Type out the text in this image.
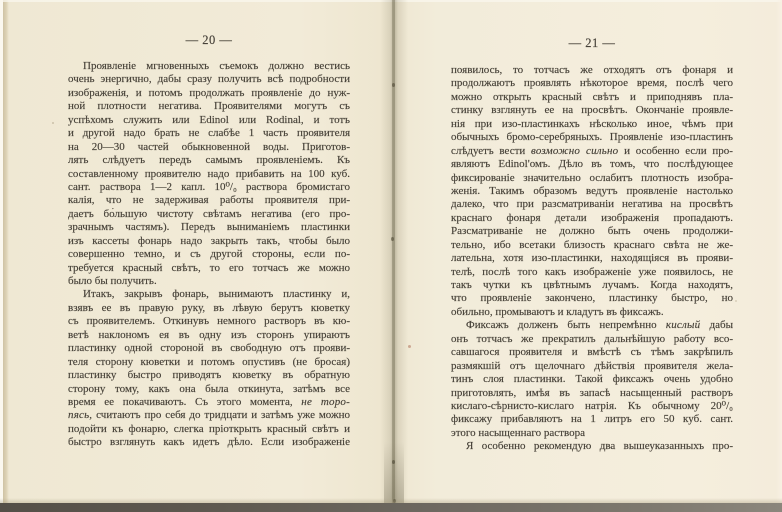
— 20 —
Проявленіе мгновенныхъ съемокъ должно вестись
очень энергично, дабы сразу получить всѣ подробности
изображенія, и потомъ продолжать проявленіе до нуж-
ной плотности негатива. Проявителями могутъ съ
успѣхомъ служить или Edinol или Rodinal, и тотъ
и другой надо брать не слабѣе 1 часть проявителя
на 20—30 частей обыкновенной воды. Приготов-
лять слѣдуетъ передъ самымъ проявленіемъ. Къ
составленному проявителю надо прибавить на 100 куб.
сант. раствора 1—2 капл. 10⁰/₀ раствора бромистаго
калія, что не задерживая работы проявителя при-
даетъ бо́льшую чистоту свѣтамъ негатива (его про-
зрачнымъ частямъ). Передъ выниманіемъ пластинки
изъ кассеты фонарь надо закрыть такъ, чтобы было
совершенно темно, и съ другой стороны, если по-
требуется красный свѣтъ, то его тотчасъ же можно
было бы получить.
Итакъ, закрывъ фонарь, вынимаютъ пластинку и,
взявъ ее въ правую руку, въ лѣвую берутъ кюветку
съ проявителемъ. Откинувъ немного растворъ въ кю-
ветѣ наклономъ ея въ одну изъ сторонъ упираютъ
пластинку одной стороной въ свободную отъ прояви-
теля сторону кюветки и потомъ опустивъ (не бросая)
пластинку быстро приводятъ кюветку въ обратную
сторону тому, какъ она была откинута, затѣмъ все
время ее покачиваютъ. Съ этого момента, не торо-
пясь, считаютъ про себя до тридцати и затѣмъ уже можно
подойти къ фонарю, слегка пріоткрыть красный свѣтъ и
быстро взглянуть какъ идетъ дѣло. Если изображеніе
— 21 —
появилось, то тотчасъ же отходятъ отъ фонаря и
продолжаютъ проявлять нѣкоторое время, послѣ чего
можно открыть красный свѣтъ и приподнявъ пла-
стинку взглянуть ее на просвѣтъ. Окончаніе проявле-
нія при изо-пластинкахъ нѣсколько иное, чѣмъ при
обычныхъ бромо-серебряныхъ. Проявленіе изо-пластинъ
слѣдуетъ вести возможно сильно и особенно если про-
являютъ Edinol'омъ. Дѣло въ томъ, что послѣдующее
фиксированіе значительно ослабитъ плотность изобра-
женія. Такимъ образомъ ведутъ проявленіе настолько
далеко, что при разсматриваніи негатива на просвѣтъ
краснаго фонаря детали изображенія пропадаютъ.
Разсматриваніе не должно быть очень продолжи-
тельно, ибо всетаки близость краснаго свѣта не же-
лательна, хотя изо-пластинки, находящіяся въ прояви-
телѣ, послѣ того какъ изображеніе уже появилось, не
такъ чутки къ цвѣтнымъ лучамъ. Когда находятъ,
что проявленіе закончено, пластинку быстро, но
обильно, промываютъ и кладутъ въ фиксажъ.
Фиксажъ долженъ быть непремѣнно кислый дабы
онъ тотчасъ же прекратилъ дальнѣйшую работу всо-
савшагося проявителя и вмѣстѣ съ тѣмъ закрѣпилъ
размякшій отъ щелочнаго дѣйствія проявителя жела-
тинъ слоя пластинки. Такой фиксажъ очень удобно
приготовлять, имѣя въ запасѣ насыщенный растворъ
кислаго-сѣрнисто-кислаго натрія. Къ обычному 20⁰/₀
фиксажу прибавляютъ на 1 литръ его 50 куб. сант.
этого насыщеннаго раствора
Я особенно рекомендую два вышеуказанныхъ про-
